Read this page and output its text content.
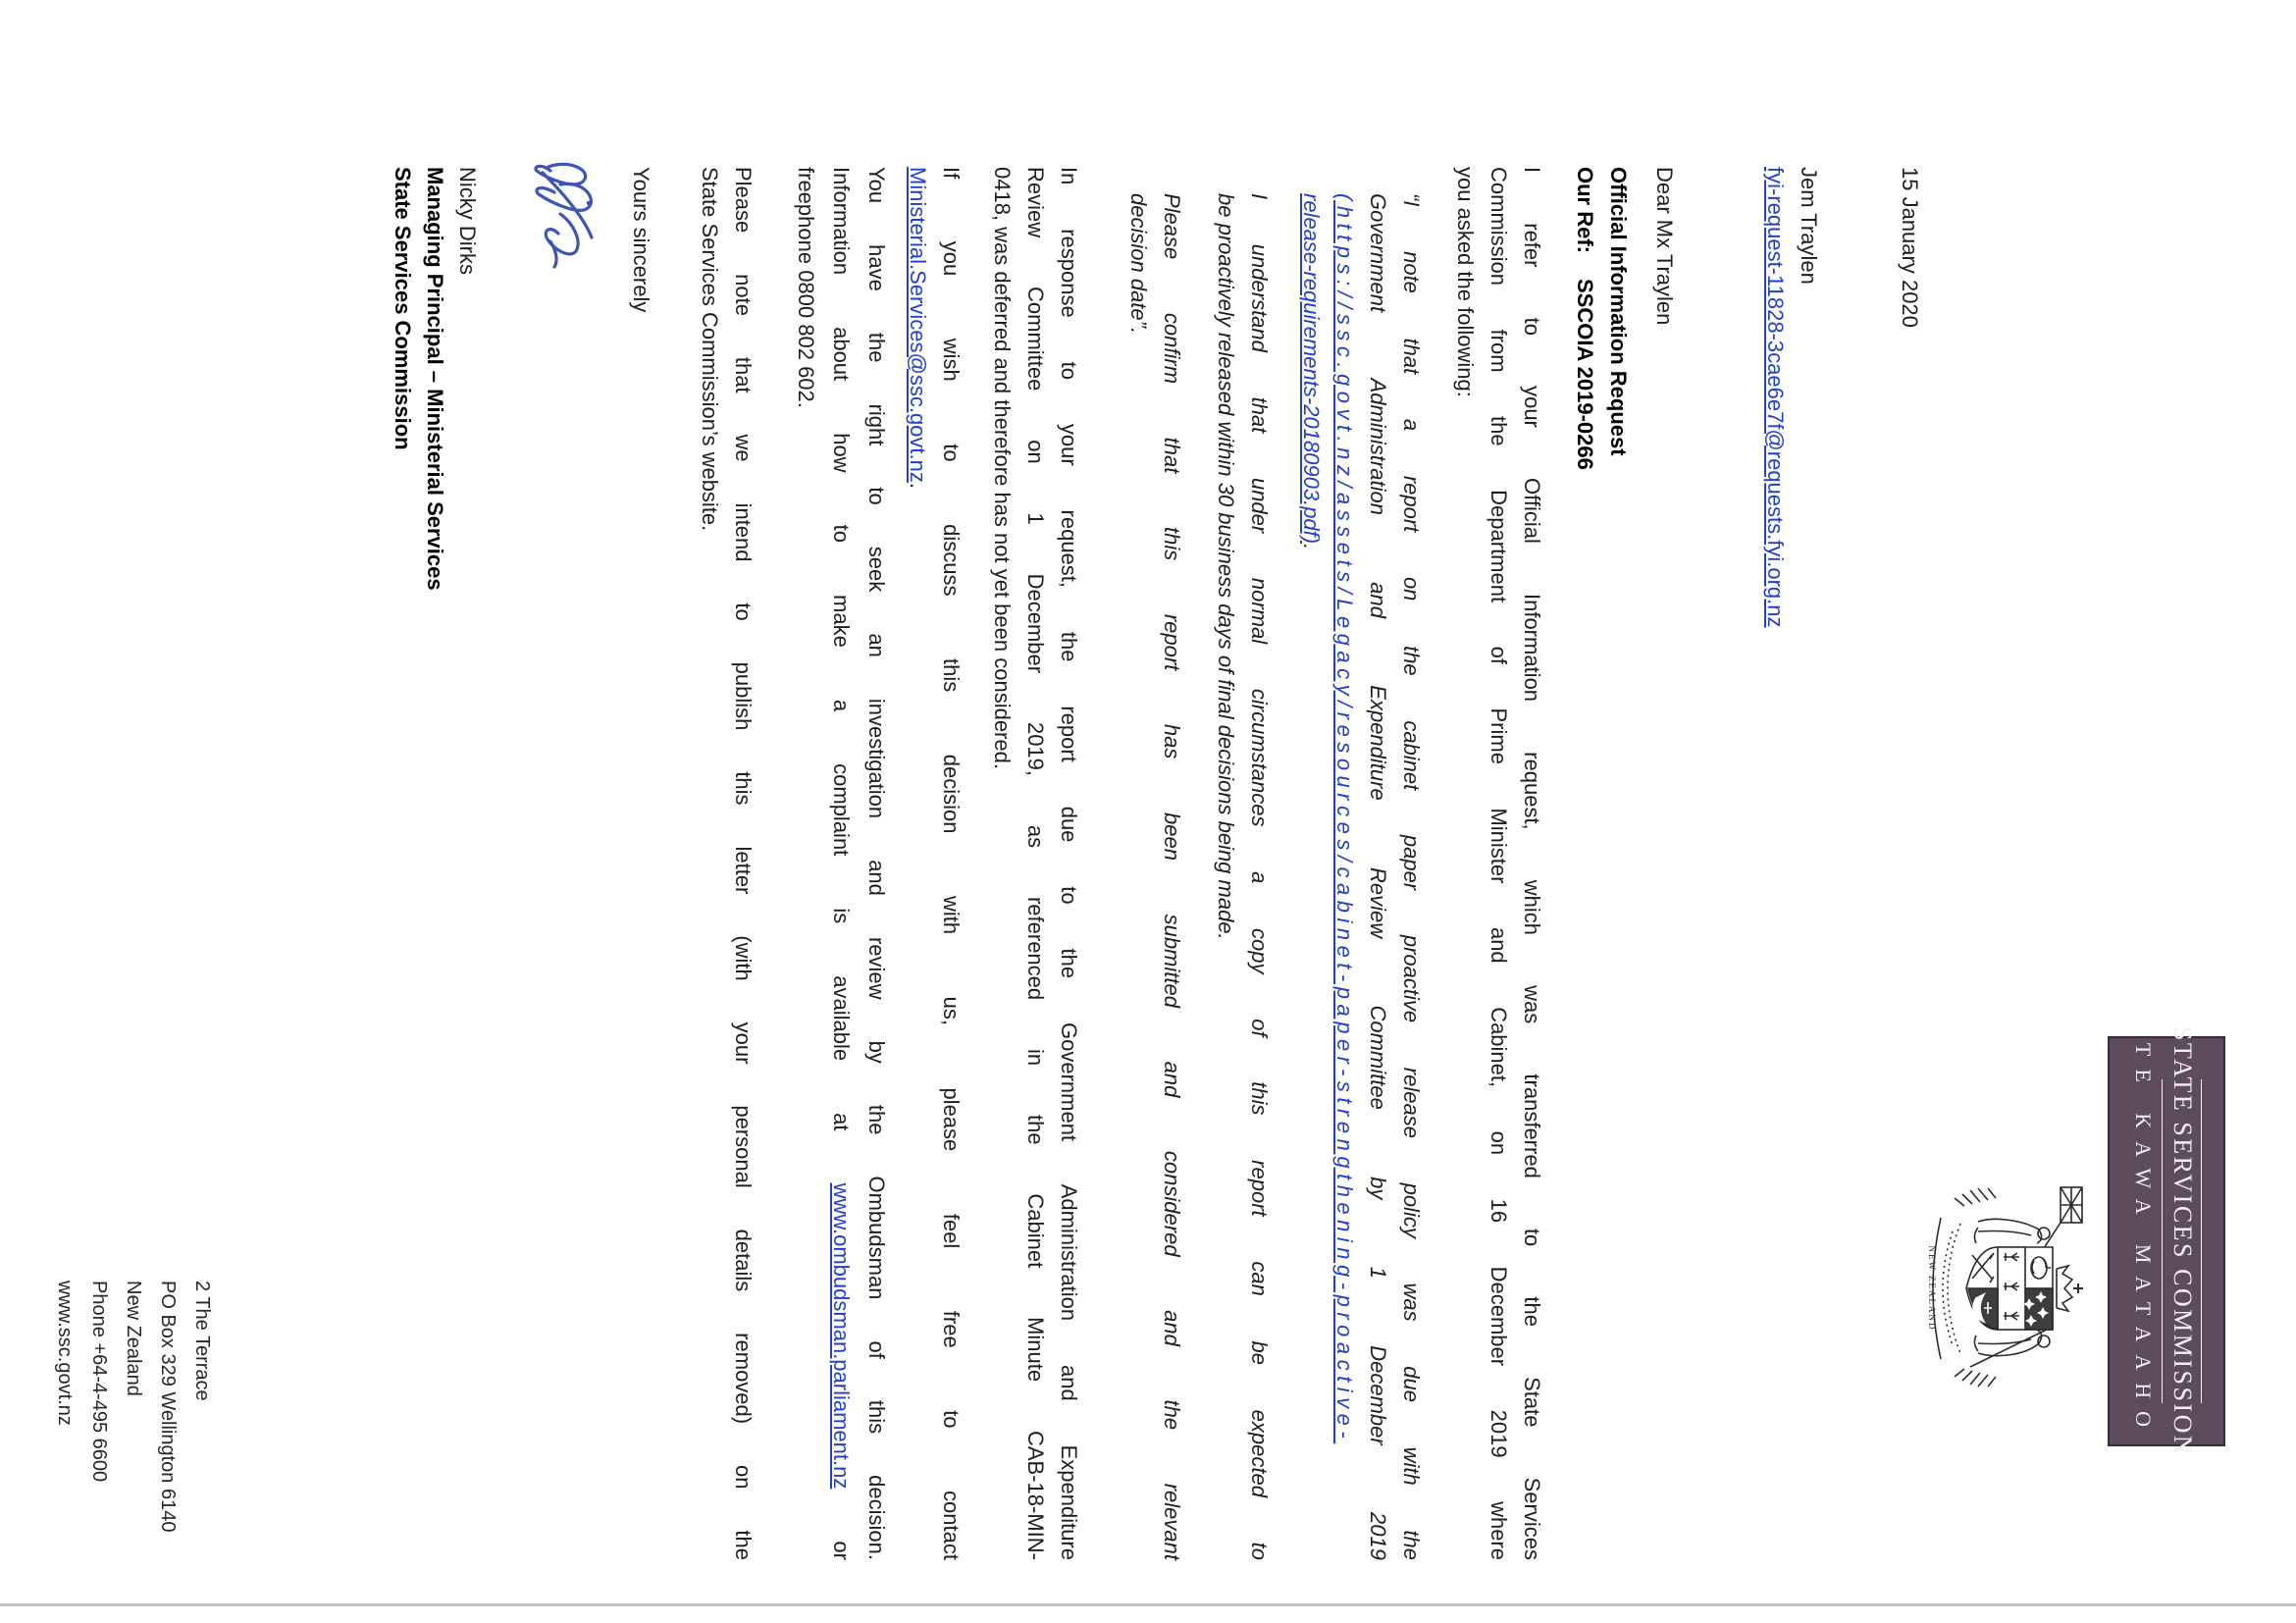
STATE SERVICES COMMISSION
TE KAWA MATAAHO
NEW ZEALAND
15 January 2020
Jem Traylen
fyi-request-11828-3cae6e7f@requests.fyi.org.nz
Dear Mx Traylen
Official Information Request
Our Ref:SSCOIA 2019-0266
I refer to your Official Information request, which was transferred to the State Services
Commission from the Department of Prime Minister and Cabinet, on 16 December 2019 where
you asked the following:
“I note that a report on the cabinet paper proactive release policy was due with the
Government Administration and Expenditure Review Committee by 1 December 2019
(https://ssc.govt.nz/assets/Legacy/resources/cabinet-paper-strengthening-proactive-
release-requirements-20180903.pdf).
I understand that under normal circumstances a copy of this report can be expected to
be proactively released within 30 business days of final decisions being made.
Please confirm that this report has been submitted and considered and the relevant
decision date”.
In response to your request, the report due to the Government Administration and Expenditure
Review Committee on 1 December 2019, as referenced in the Cabinet Minute CAB-18-MIN-
0418, was deferred and therefore has not yet been considered.
If you wish to discuss this decision with us, please feel free to contact
Ministerial.Services@ssc.govt.nz.
You have the right to seek an investigation and review by the Ombudsman of this decision.
Information about how to make a complaint is available at www.ombudsman.parliament.nz or
freephone 0800 802 602.
Please note that we intend to publish this letter (with your personal details removed) on the
State Services Commission’s website.
Yours sincerely
Nicky Dirks
Managing Principal – Ministerial Services
State Services Commission
2 The Terrace
PO Box 329 Wellington 6140
New Zealand
Phone +64-4-495 6600
www.ssc.govt.nz
